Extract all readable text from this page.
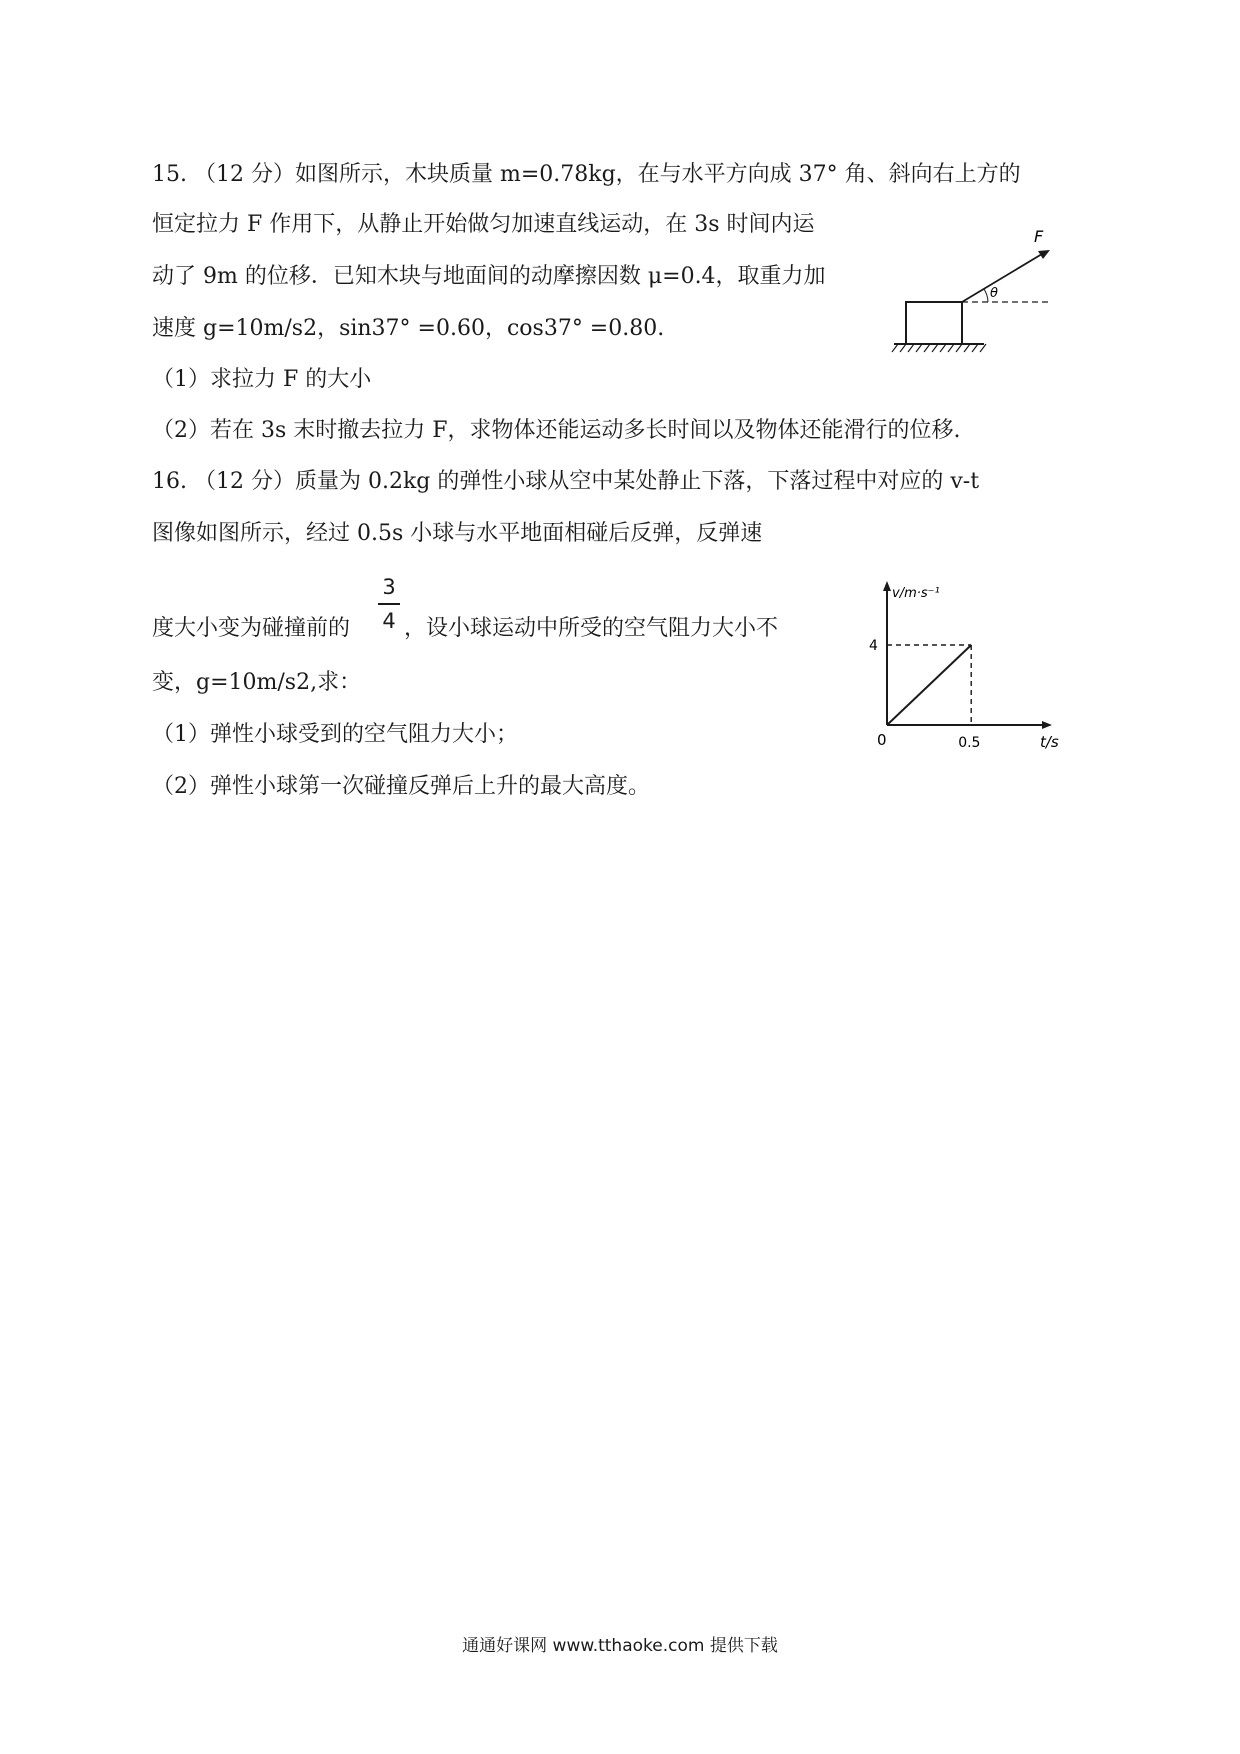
15. （12 分）如图所示，木块质量 m=0.78kg，在与水平方向成 37° 角、斜向右上方的
恒定拉力 F 作用下，从静止开始做匀加速直线运动，在 3s 时间内运
动了 9m 的位移．已知木块与地面间的动摩擦因数 μ=0.4，取重力加
速度 g=10m/s2，sin37° =0.60，cos37° =0.80.
（1）求拉力 F 的大小
（2）若在 3s 末时撤去拉力 F，求物体还能运动多长时间以及物体还能滑行的位移.
F
θ
16. （12 分）质量为 0.2kg 的弹性小球从空中某处静止下落，下落过程中对应的 v-t
图像如图所示，经过 0.5s 小球与水平地面相碰后反弹，反弹速
度大小变为碰撞前的
3
4 ，设小球运动中所受的空气阻力大小不
变，g=10m/s2,求：
（1）弹性小球受到的空气阻力大小；
（2）弹性小球第一次碰撞反弹后上升的最大高度。
v/m·s⁻¹
t/s
0
4
0.5
通通好课网 www.tthaoke.com 提供下载
